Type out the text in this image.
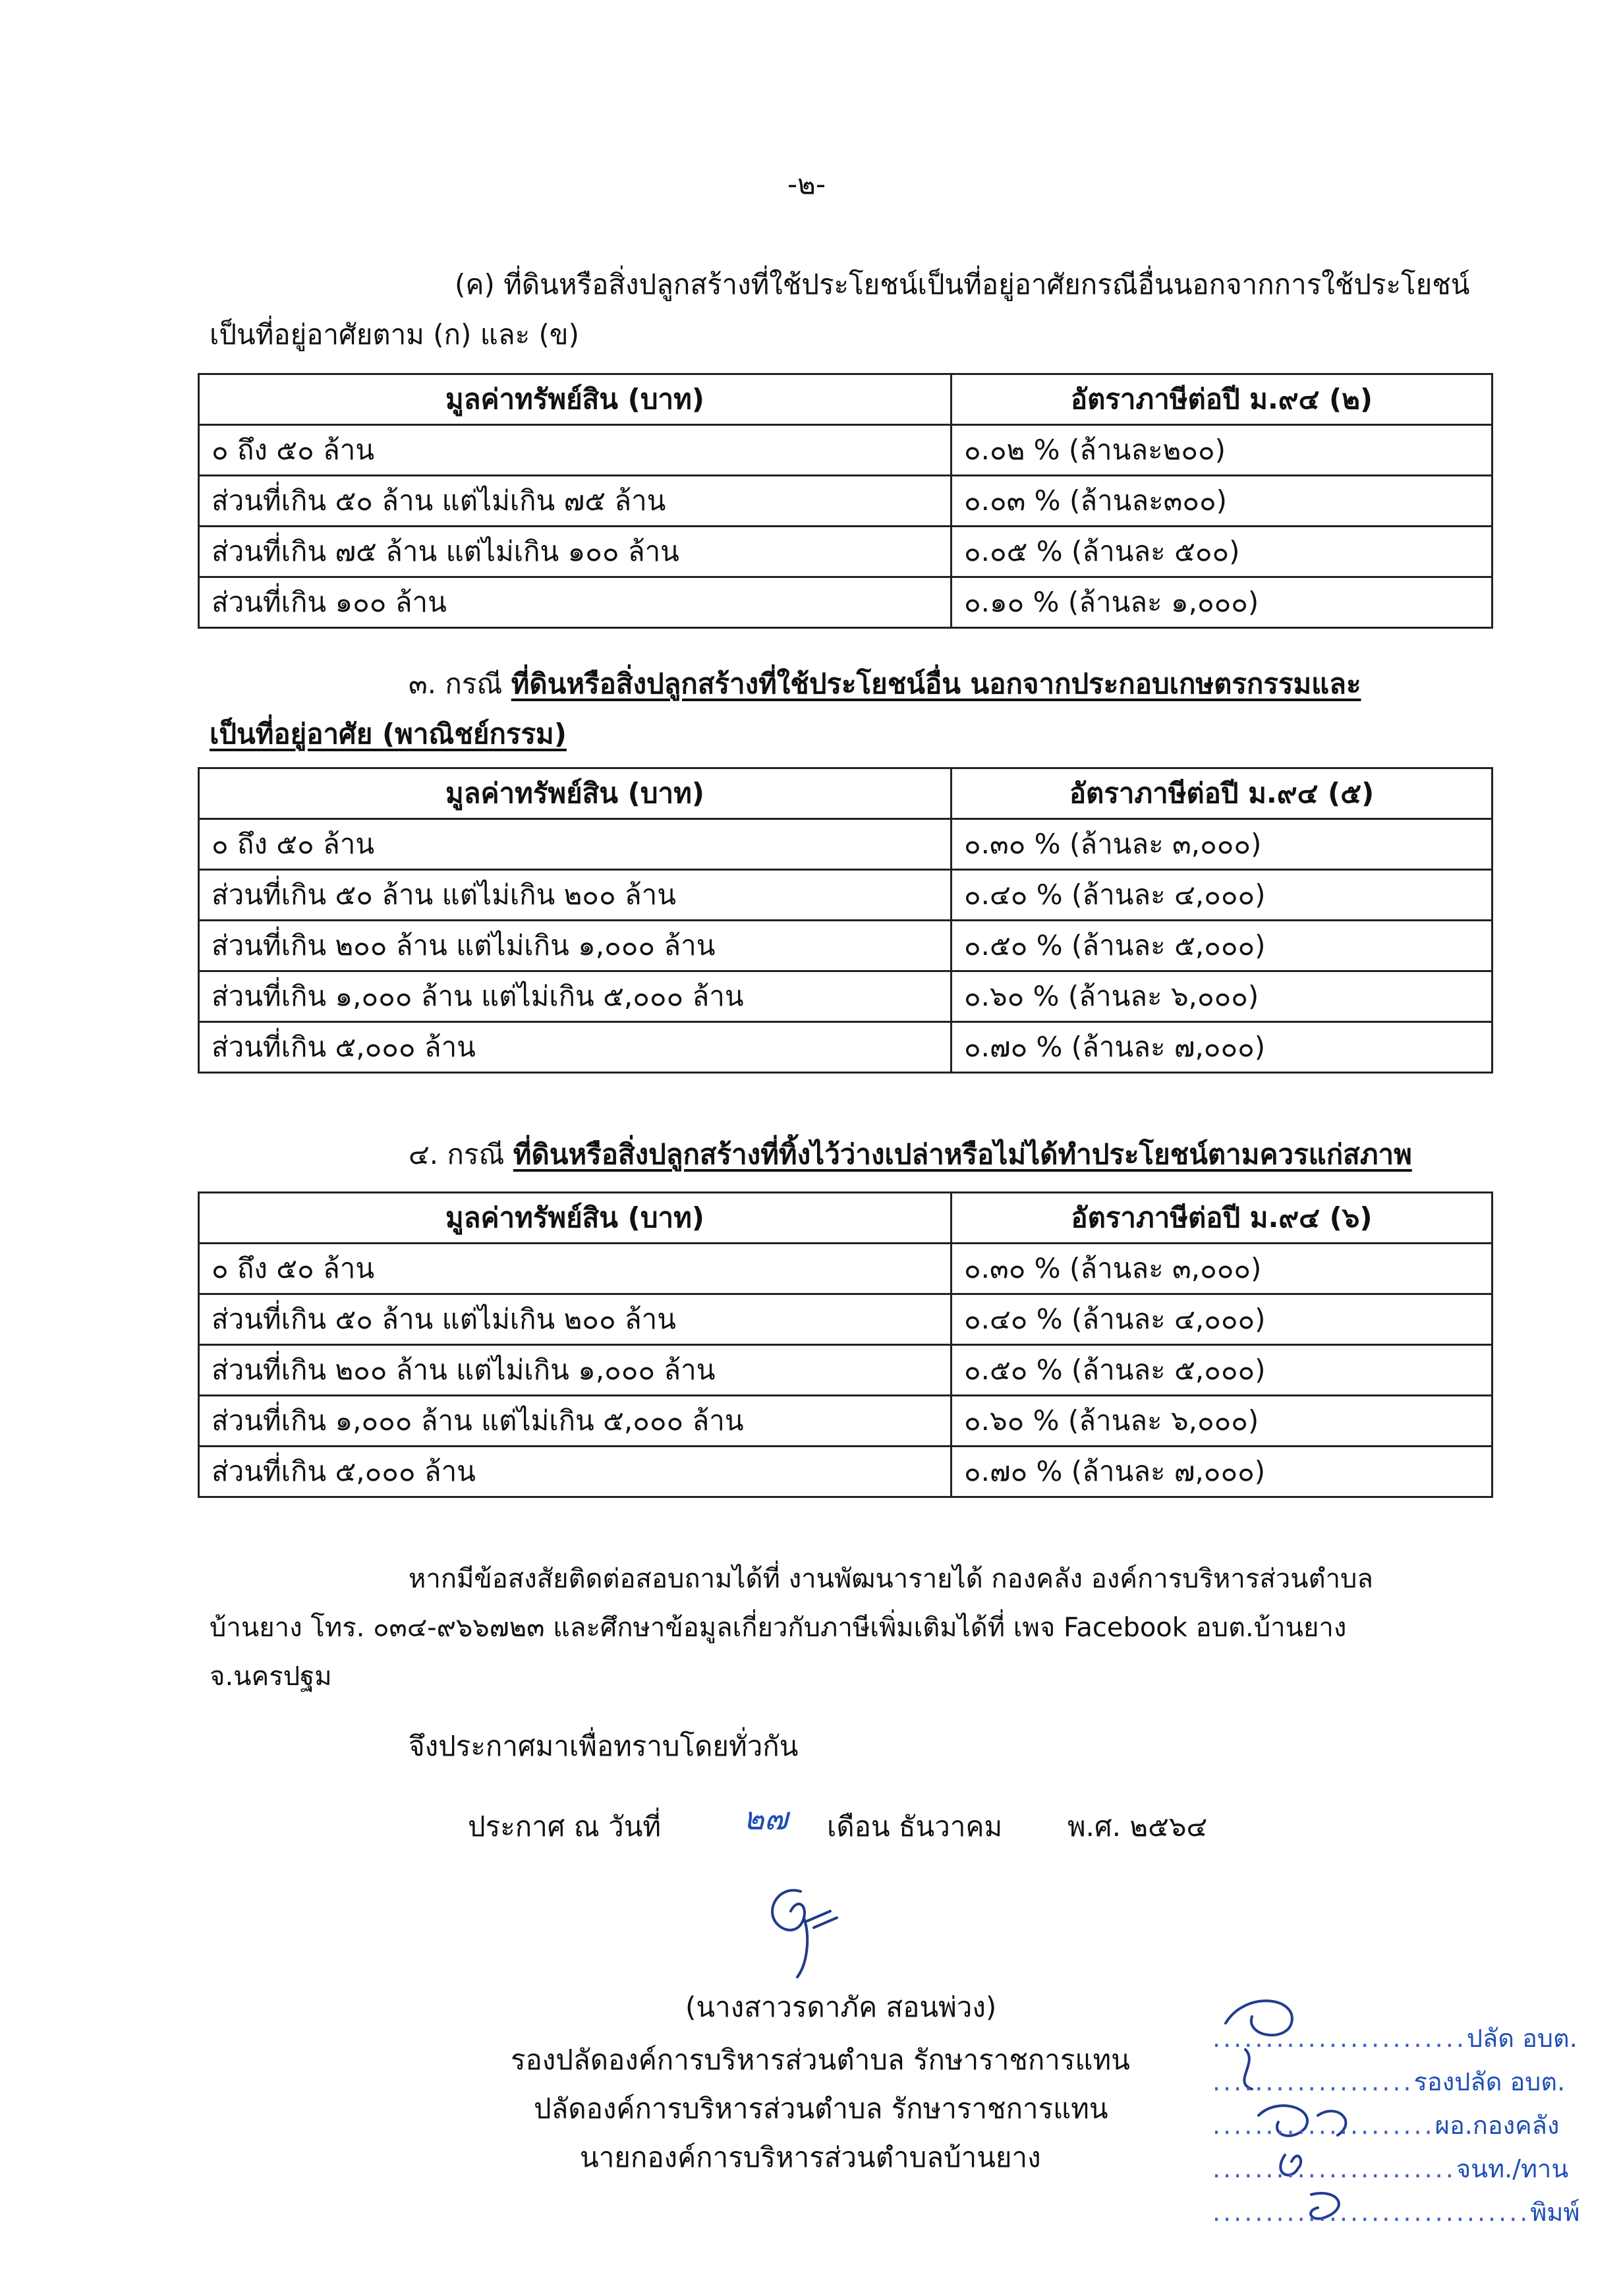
-๒-
(ค) ที่ดินหรือสิ่งปลูกสร้างที่ใช้ประโยชน์เป็นที่อยู่อาศัยกรณีอื่นนอกจากการใช้ประโยชน์
เป็นที่อยู่อาศัยตาม (ก) และ (ข)
มูลค่าทรัพย์สิน (บาท)	อัตราภาษีต่อปี ม.๙๔ (๒)
๐ ถึง ๕๐ ล้าน	๐.๐๒ % (ล้านละ๒๐๐)
ส่วนที่เกิน ๕๐ ล้าน แต่ไม่เกิน ๗๕ ล้าน	๐.๐๓ % (ล้านละ๓๐๐)
ส่วนที่เกิน ๗๕ ล้าน แต่ไม่เกิน ๑๐๐ ล้าน	๐.๐๕ % (ล้านละ ๕๐๐)
ส่วนที่เกิน ๑๐๐ ล้าน	๐.๑๐ % (ล้านละ ๑,๐๐๐)
๓. กรณี ที่ดินหรือสิ่งปลูกสร้างที่ใช้ประโยชน์อื่น นอกจากประกอบเกษตรกรรมและ
เป็นที่อยู่อาศัย (พาณิชย์กรรม)
มูลค่าทรัพย์สิน (บาท)	อัตราภาษีต่อปี ม.๙๔ (๕)
๐ ถึง ๕๐ ล้าน	๐.๓๐ % (ล้านละ ๓,๐๐๐)
ส่วนที่เกิน ๕๐ ล้าน แต่ไม่เกิน ๒๐๐ ล้าน	๐.๔๐ % (ล้านละ ๔,๐๐๐)
ส่วนที่เกิน ๒๐๐ ล้าน แต่ไม่เกิน ๑,๐๐๐ ล้าน	๐.๕๐ % (ล้านละ ๕,๐๐๐)
ส่วนที่เกิน ๑,๐๐๐ ล้าน แต่ไม่เกิน ๕,๐๐๐ ล้าน	๐.๖๐ % (ล้านละ ๖,๐๐๐)
ส่วนที่เกิน ๕,๐๐๐ ล้าน	๐.๗๐ % (ล้านละ ๗,๐๐๐)
๔. กรณี ที่ดินหรือสิ่งปลูกสร้างที่ทิ้งไว้ว่างเปล่าหรือไม่ได้ทำประโยชน์ตามควรแก่สภาพ
มูลค่าทรัพย์สิน (บาท)	อัตราภาษีต่อปี ม.๙๔ (๖)
๐ ถึง ๕๐ ล้าน	๐.๓๐ % (ล้านละ ๓,๐๐๐)
ส่วนที่เกิน ๕๐ ล้าน แต่ไม่เกิน ๒๐๐ ล้าน	๐.๔๐ % (ล้านละ ๔,๐๐๐)
ส่วนที่เกิน ๒๐๐ ล้าน แต่ไม่เกิน ๑,๐๐๐ ล้าน	๐.๕๐ % (ล้านละ ๕,๐๐๐)
ส่วนที่เกิน ๑,๐๐๐ ล้าน แต่ไม่เกิน ๕,๐๐๐ ล้าน	๐.๖๐ % (ล้านละ ๖,๐๐๐)
ส่วนที่เกิน ๕,๐๐๐ ล้าน	๐.๗๐ % (ล้านละ ๗,๐๐๐)
หากมีข้อสงสัยติดต่อสอบถามได้ที่ งานพัฒนารายได้ กองคลัง องค์การบริหารส่วนตำบล
บ้านยาง โทร. ๐๓๔-๙๖๖๗๒๓ และศึกษาข้อมูลเกี่ยวกับภาษีเพิ่มเติมได้ที่ เพจ Facebook อบต.บ้านยาง
จ.นครปฐม
จึงประกาศมาเพื่อทราบโดยทั่วกัน
ประกาศ ณ วันที่	๒๗ เดือน ธันวาคม พ.ศ. ๒๕๖๔
(นางสาวรดาภัค สอนพ่วง)
รองปลัดองค์การบริหารส่วนตำบล รักษาราชการแทน
ปลัดองค์การบริหารส่วนตำบล รักษาราชการแทน
นายกองค์การบริหารส่วนตำบลบ้านยาง
........................ปลัด อบต.
...................รองปลัด อบต.
.....................ผอ.กองคลัง
.......................จนท./ทาน
..............................พิมพ์
